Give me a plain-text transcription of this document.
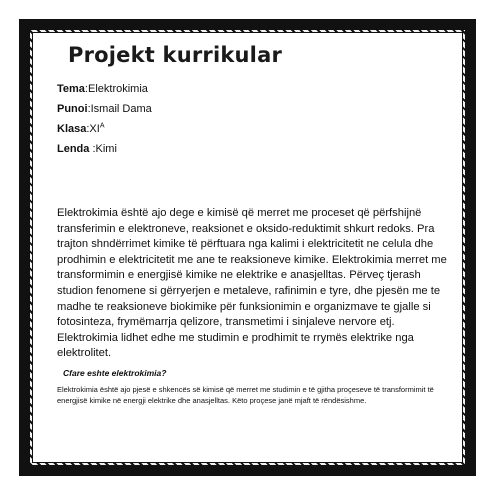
Projekt kurrikular
Tema:Elektrokimia
Punoi:Ismail Dama
$Klasa:XI^A$
Lenda :Kimi

Elektrokimia është ajo dege e kimisë që merret me proceset që përfshijnë transferimin e elektroneve, reaksionet e oksido-reduktimit shkurt redoks. Pra trajton shndërrimet kimike të përftuara nga kalimi i elektricitetit ne celula dhe prodhimin e elektricitetit me ane te reaksioneve kimike. Elektrokimia merret me transformimin e energjisë kimike ne elektrike e anasjelltas. Përveç tjerash studion fenomene si gërryerjen e metaleve, rafinimin e tyre, dhe pjesën me te madhe te reaksioneve biokimike për funksionimin e organizmave te gjalle si fotosinteza, frymëmarrja qelizore, transmetimi i sinjaleve nervore etj. Elektrokimia lidhet edhe me studimin e prodhimit te rrymës elektrike nga elektrolitet.

Cfare eshte elektrokimia?

Elektrokimia është ajo pjesë e shkencës së kimisë që merret me studimin e të gjitha proçeseve të transformimit të energjisë kimike në energji elektrike dhe anasjelltas. Këto proçese janë mjaft të rëndësishme.
